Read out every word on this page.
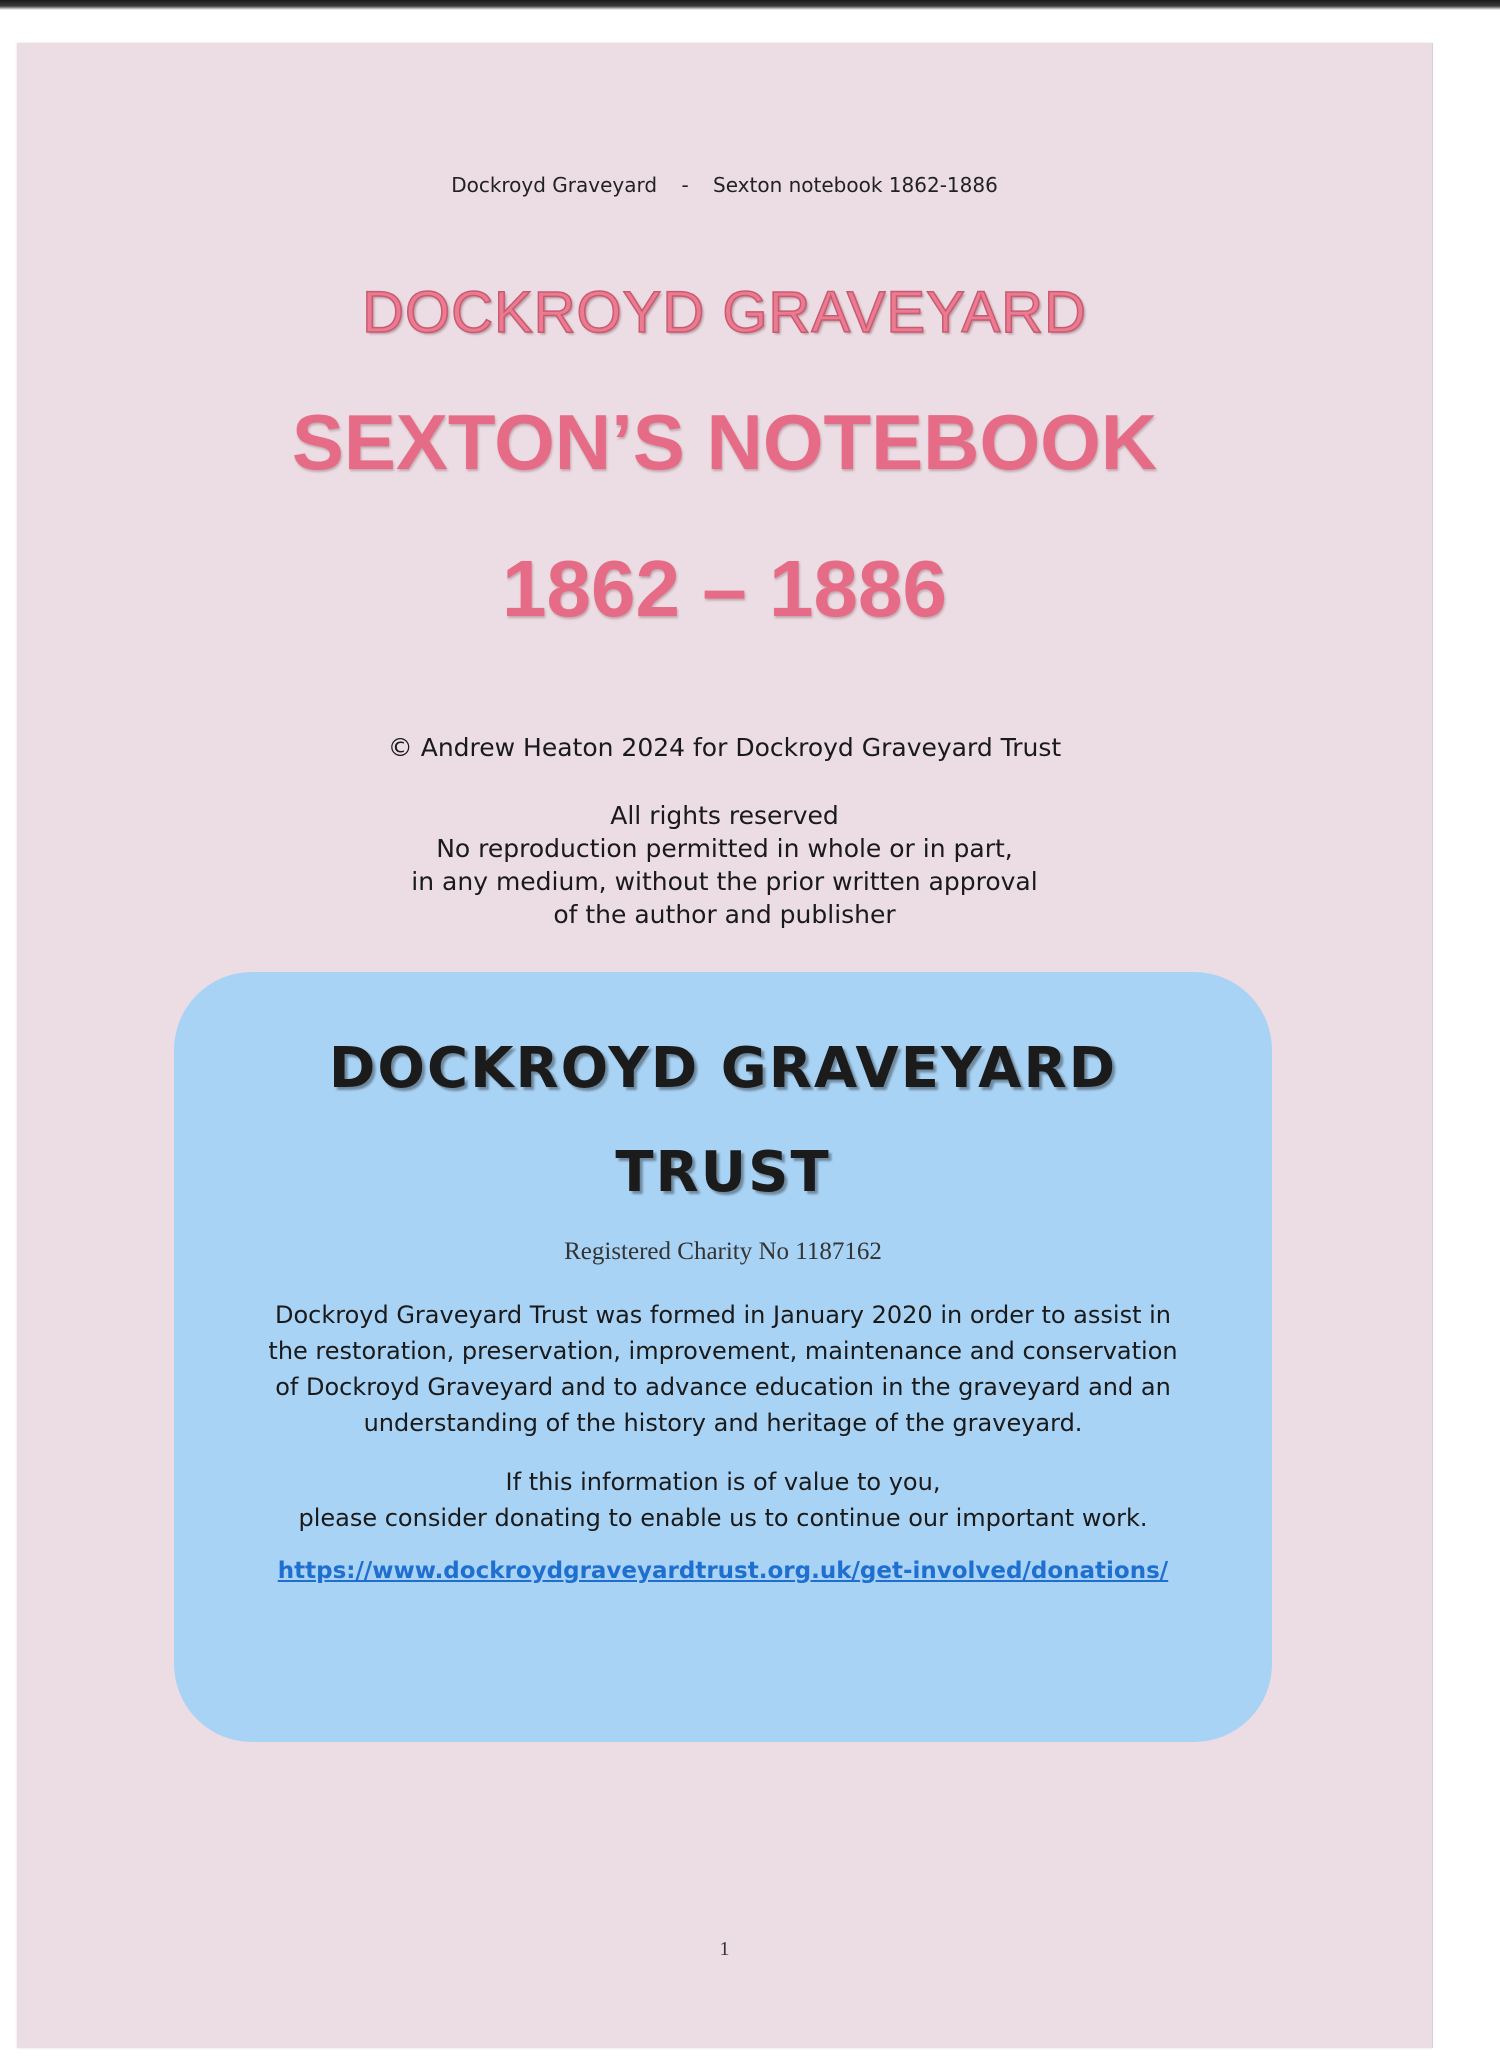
Dockroyd Graveyard - Sexton notebook 1862-1886
DOCKROYD GRAVEYARD
SEXTON’S NOTEBOOK
1862 – 1886
© Andrew Heaton 2024 for Dockroyd Graveyard Trust
All rights reserved
No reproduction permitted in whole or in part,
in any medium, without the prior written approval
of the author and publisher
DOCKROYD GRAVEYARD
TRUST
Registered Charity No 1187162
Dockroyd Graveyard Trust was formed in January 2020 in order to assist in
the restoration, preservation, improvement, maintenance and conservation
of Dockroyd Graveyard and to advance education in the graveyard and an
understanding of the history and heritage of the graveyard.
If this information is of value to you,
please consider donating to enable us to continue our important work.
https://www.dockroydgraveyardtrust.org.uk/get-involved/donations/
1
